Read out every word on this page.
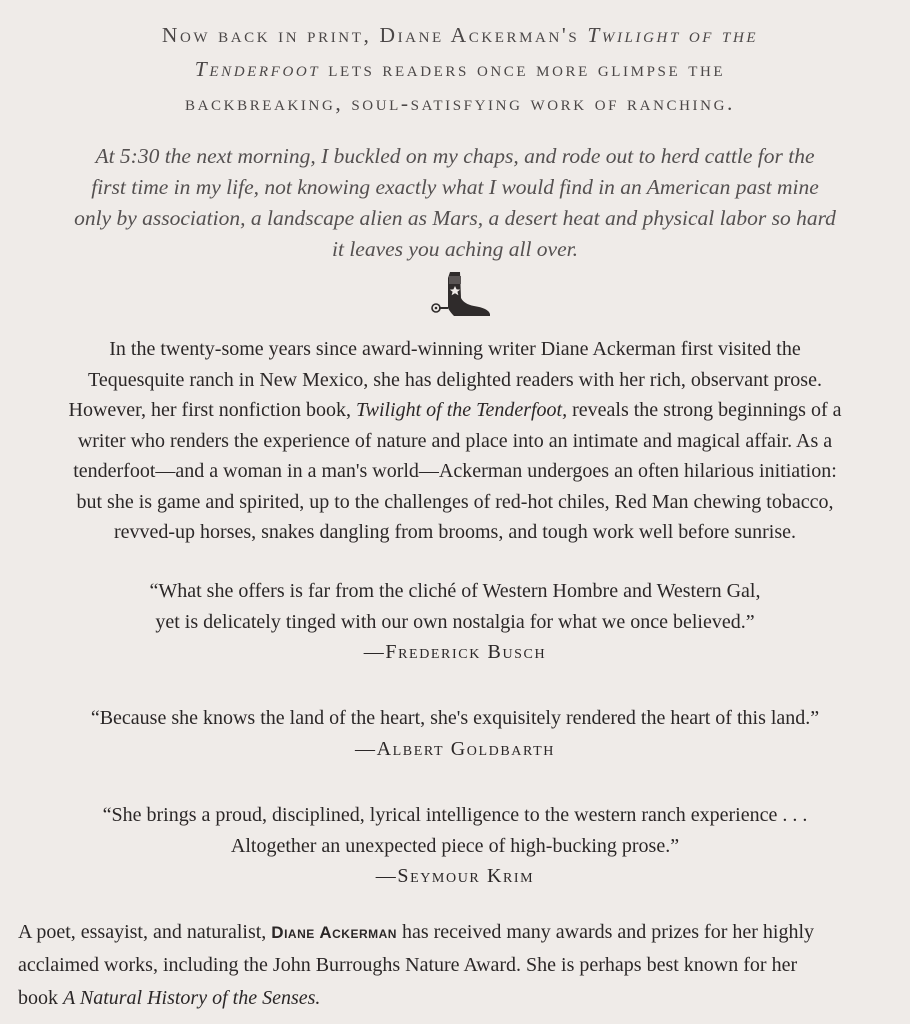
Now back in print, Diane Ackerman's Twilight of the
Tenderfoot lets readers once more glimpse the
backbreaking, soul-satisfying work of ranching.
At 5:30 the next morning, I buckled on my chaps, and rode out to herd cattle for the
first time in my life, not knowing exactly what I would find in an American past mine
only by association, a landscape alien as Mars, a desert heat and physical labor so hard
it leaves you aching all over.
In the twenty-some years since award-winning writer Diane Ackerman first visited the
Tequesquite ranch in New Mexico, she has delighted readers with her rich, observant prose.
However, her first nonfiction book, Twilight of the Tenderfoot, reveals the strong beginnings of a
writer who renders the experience of nature and place into an intimate and magical affair. As a
tenderfoot—and a woman in a man's world—Ackerman undergoes an often hilarious initiation:
but she is game and spirited, up to the challenges of red-hot chiles, Red Man chewing tobacco,
revved-up horses, snakes dangling from brooms, and tough work well before sunrise.
“What she offers is far from the cliché of Western Hombre and Western Gal,
yet is delicately tinged with our own nostalgia for what we once believed.”
—Frederick Busch
“Because she knows the land of the heart, she's exquisitely rendered the heart of this land.”
—Albert Goldbarth
“She brings a proud, disciplined, lyrical intelligence to the western ranch experience . . .
Altogether an unexpected piece of high-bucking prose.”
—Seymour Krim
A poet, essayist, and naturalist, Diane Ackerman has received many awards and prizes for her highly
acclaimed works, including the John Burroughs Nature Award. She is perhaps best known for her
book A Natural History of the Senses.
